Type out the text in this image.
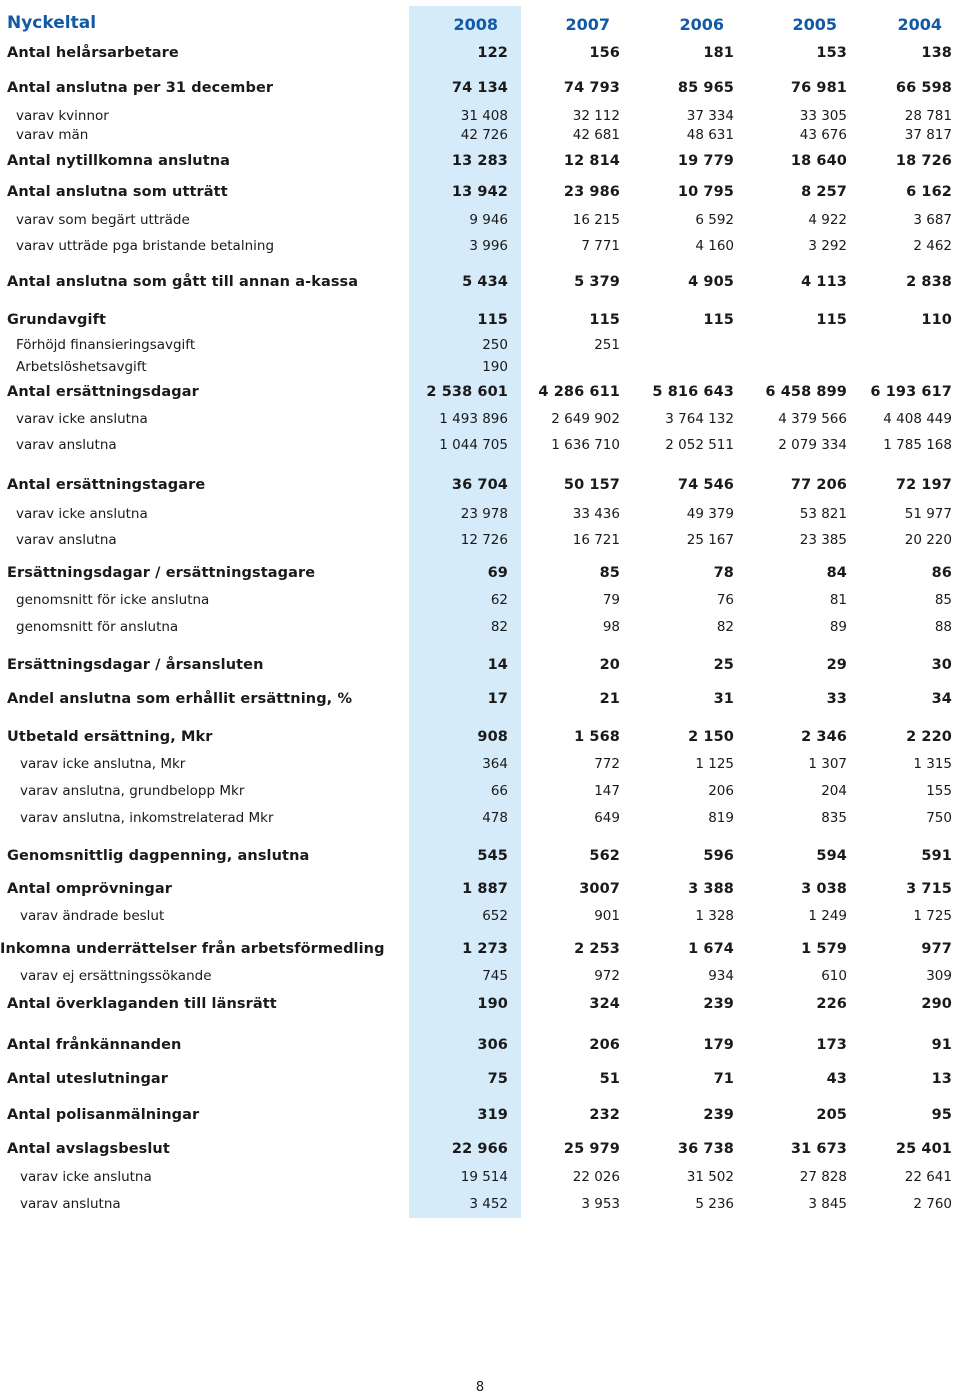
Nyckeltal	2008	2007	2006	2005	2004
Antal helårsarbetare	122	156	181	153	138
Antal anslutna per 31 december	74 134	74 793	85 965	76 981	66 598
varav kvinnor	31 408	32 112	37 334	33 305	28 781
varav män	42 726	42 681	48 631	43 676	37 817
Antal nytillkomna anslutna	13 283	12 814	19 779	18 640	18 726
Antal anslutna som utträtt	13 942	23 986	10 795	8 257	6 162
varav som begärt utträde	9 946	16 215	6 592	4 922	3 687
varav utträde pga bristande betalning	3 996	7 771	4 160	3 292	2 462
Antal anslutna som gått till annan a-kassa	5 434	5 379	4 905	4 113	2 838
Grundavgift	115	115	115	115	110
Förhöjd finansieringsavgift	250	251
Arbetslöshetsavgift	190
Antal ersättningsdagar	2 538 601	4 286 611	5 816 643	6 458 899	6 193 617
varav icke anslutna	1 493 896	2 649 902	3 764 132	4 379 566	4 408 449
varav anslutna	1 044 705	1 636 710	2 052 511	2 079 334	1 785 168
Antal ersättningstagare	36 704	50 157	74 546	77 206	72 197
varav icke anslutna	23 978	33 436	49 379	53 821	51 977
varav anslutna	12 726	16 721	25 167	23 385	20 220
Ersättningsdagar / ersättningstagare	69	85	78	84	86
genomsnitt för icke anslutna	62	79	76	81	85
genomsnitt för anslutna	82	98	82	89	88
Ersättningsdagar / årsansluten	14	20	25	29	30
Andel anslutna som erhållit ersättning, %	17	21	31	33	34
Utbetald ersättning, Mkr	908	1 568	2 150	2 346	2 220
varav icke anslutna, Mkr	364	772	1 125	1 307	1 315
varav anslutna, grundbelopp Mkr	66	147	206	204	155
varav anslutna, inkomstrelaterad Mkr	478	649	819	835	750
Genomsnittlig dagpenning, anslutna	545	562	596	594	591
Antal omprövningar	1 887	3007	3 388	3 038	3 715
varav ändrade beslut	652	901	1 328	1 249	1 725
Inkomna underrättelser från arbetsförmedling	1 273	2 253	1 674	1 579	977
varav ej ersättningssökande	745	972	934	610	309
Antal överklaganden till länsrätt	190	324	239	226	290
Antal frånkännanden	306	206	179	173	91
Antal uteslutningar	75	51	71	43	13
Antal polisanmälningar	319	232	239	205	95
Antal avslagsbeslut	22 966	25 979	36 738	31 673	25 401
varav icke anslutna	19 514	22 026	31 502	27 828	22 641
varav anslutna	3 452	3 953	5 236	3 845	2 760
8
